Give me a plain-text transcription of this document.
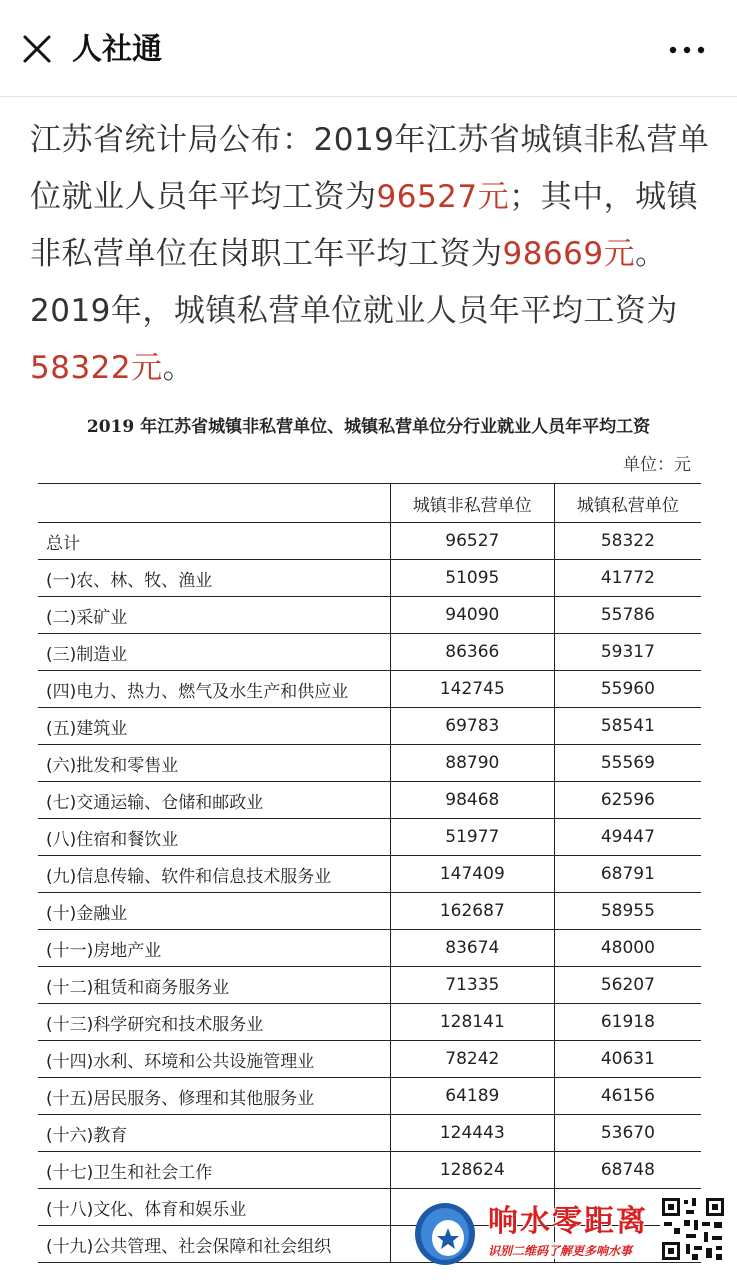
人社通
江苏省统计局公布：2019年江苏省城镇非私营单位就业人员年平均工资为96527元；其中，城镇非私营单位在岗职工年平均工资为98669元。2019年，城镇私营单位就业人员年平均工资为58322元。
2019 年江苏省城镇非私营单位、城镇私营单位分行业就业人员年平均工资
单位：元
	城镇非私营单位	城镇私营单位
总计	96527	58322
(一)农、林、牧、渔业	51095	41772
(二)采矿业	94090	55786
(三)制造业	86366	59317
(四)电力、热力、燃气及水生产和供应业	142745	55960
(五)建筑业	69783	58541
(六)批发和零售业	88790	55569
(七)交通运输、仓储和邮政业	98468	62596
(八)住宿和餐饮业	51977	49447
(九)信息传输、软件和信息技术服务业	147409	68791
(十)金融业	162687	58955
(十一)房地产业	83674	48000
(十二)租赁和商务服务业	71335	56207
(十三)科学研究和技术服务业	128141	61918
(十四)水利、环境和公共设施管理业	78242	40631
(十五)居民服务、修理和其他服务业	64189	46156
(十六)教育	124443	53670
(十七)卫生和社会工作	128624	68748
(十八)文化、体育和娱乐业		
(十九)公共管理、社会保障和社会组织		
响水零距离
识别二维码了解更多响水事
